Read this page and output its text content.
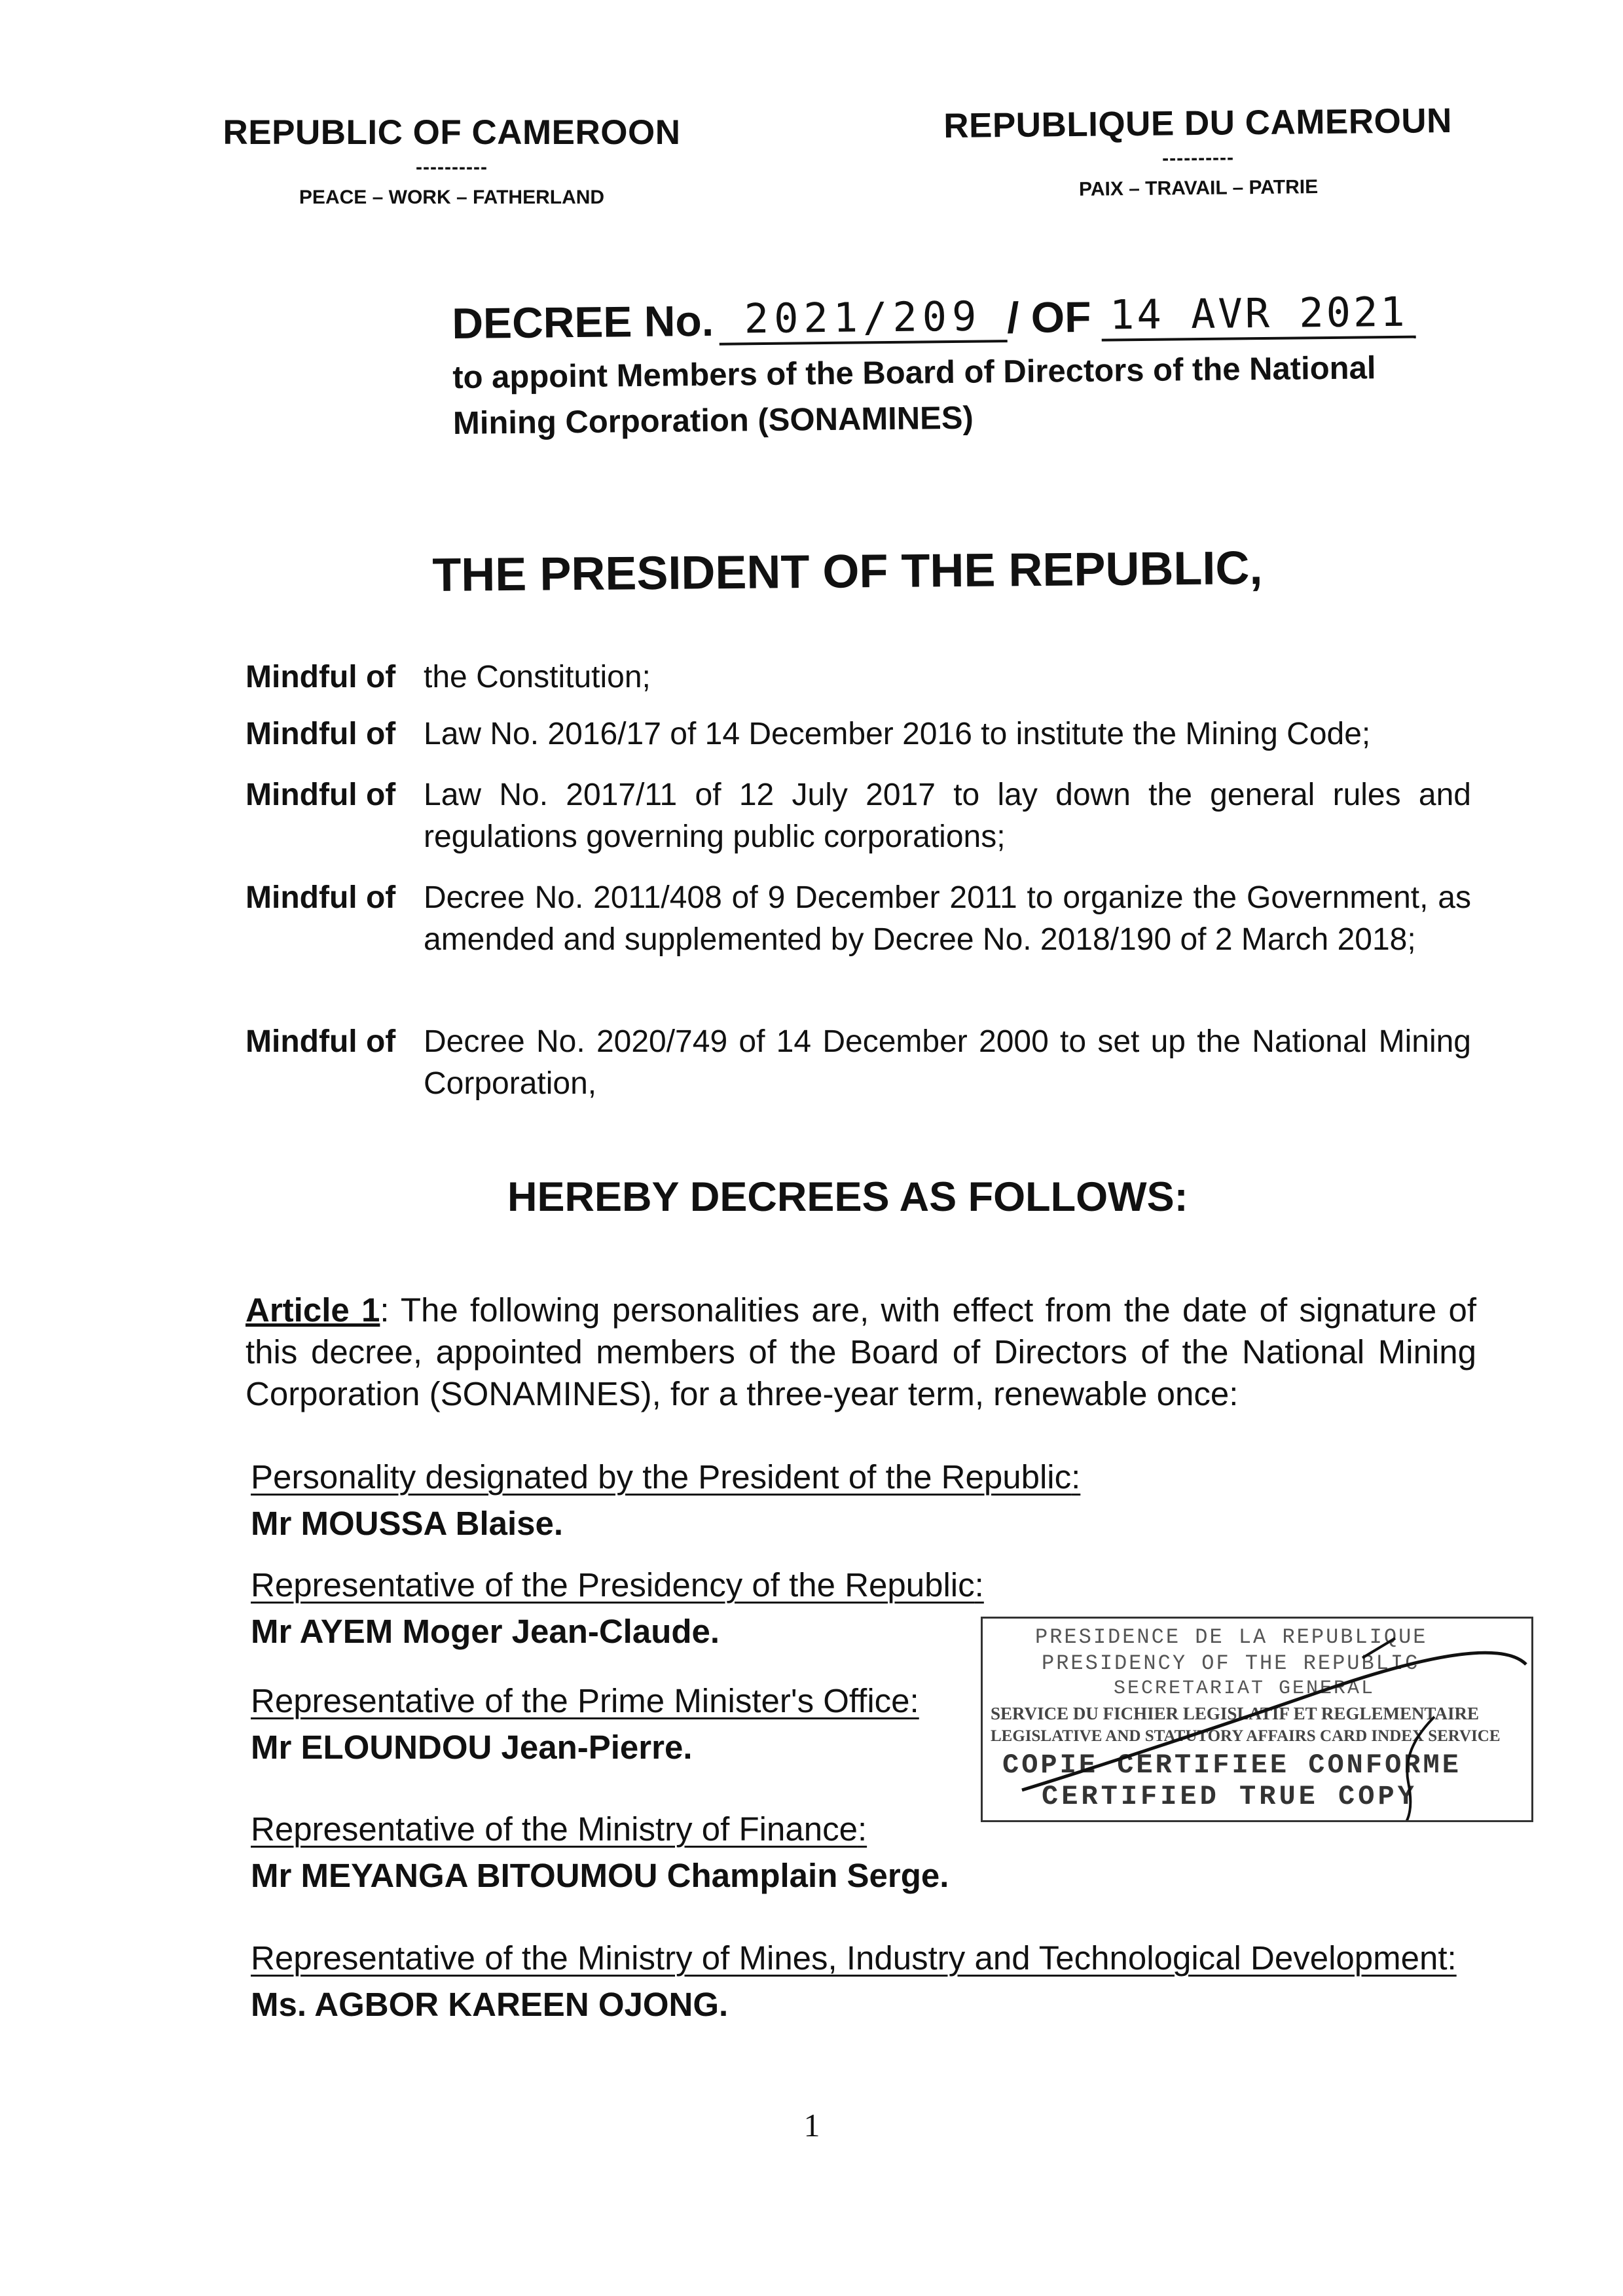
REPUBLIC OF CAMEROON
----------
PEACE – WORK – FATHERLAND
REPUBLIQUE DU CAMEROUN
----------
PAIX – TRAVAIL – PATRIE
DECREE No. 2021/209 / OF 14 AVR 2021
to appoint Members of the Board of Directors of the National Mining Corporation (SONAMINES)
THE PRESIDENT OF THE REPUBLIC,
Mindful of the Constitution;
Mindful of Law No. 2016/17 of 14 December 2016 to institute the Mining Code;
Mindful of Law No. 2017/11 of 12 July 2017 to lay down the general rules and regulations governing public corporations;
Mindful of Decree No. 2011/408 of 9 December 2011 to organize the Government, as amended and supplemented by Decree No. 2018/190 of 2 March 2018;
Mindful of Decree No. 2020/749 of 14 December 2000 to set up the National Mining Corporation,
HEREBY DECREES AS FOLLOWS:
Article 1: The following personalities are, with effect from the date of signature of this decree, appointed members of the Board of Directors of the National Mining Corporation (SONAMINES), for a three-year term, renewable once:
Personality designated by the President of the Republic:
Mr MOUSSA Blaise.
Representative of the Presidency of the Republic:
Mr AYEM Moger Jean-Claude.
Representative of the Prime Minister's Office:
Mr ELOUNDOU Jean-Pierre.
Representative of the Ministry of Finance:
Mr MEYANGA BITOUMOU Champlain Serge.
Representative of the Ministry of Mines, Industry and Technological Development:
Ms. AGBOR KAREEN OJONG.
PRESIDENCE DE LA REPUBLIQUE
PRESIDENCY OF THE REPUBLIC
SECRETARIAT GENERAL
SERVICE DU FICHIER LEGISLATIF ET REGLEMENTAIRE
LEGISLATIVE AND STATUTORY AFFAIRS CARD INDEX SERVICE
COPIE CERTIFIEE CONFORME
CERTIFIED TRUE COPY
1
